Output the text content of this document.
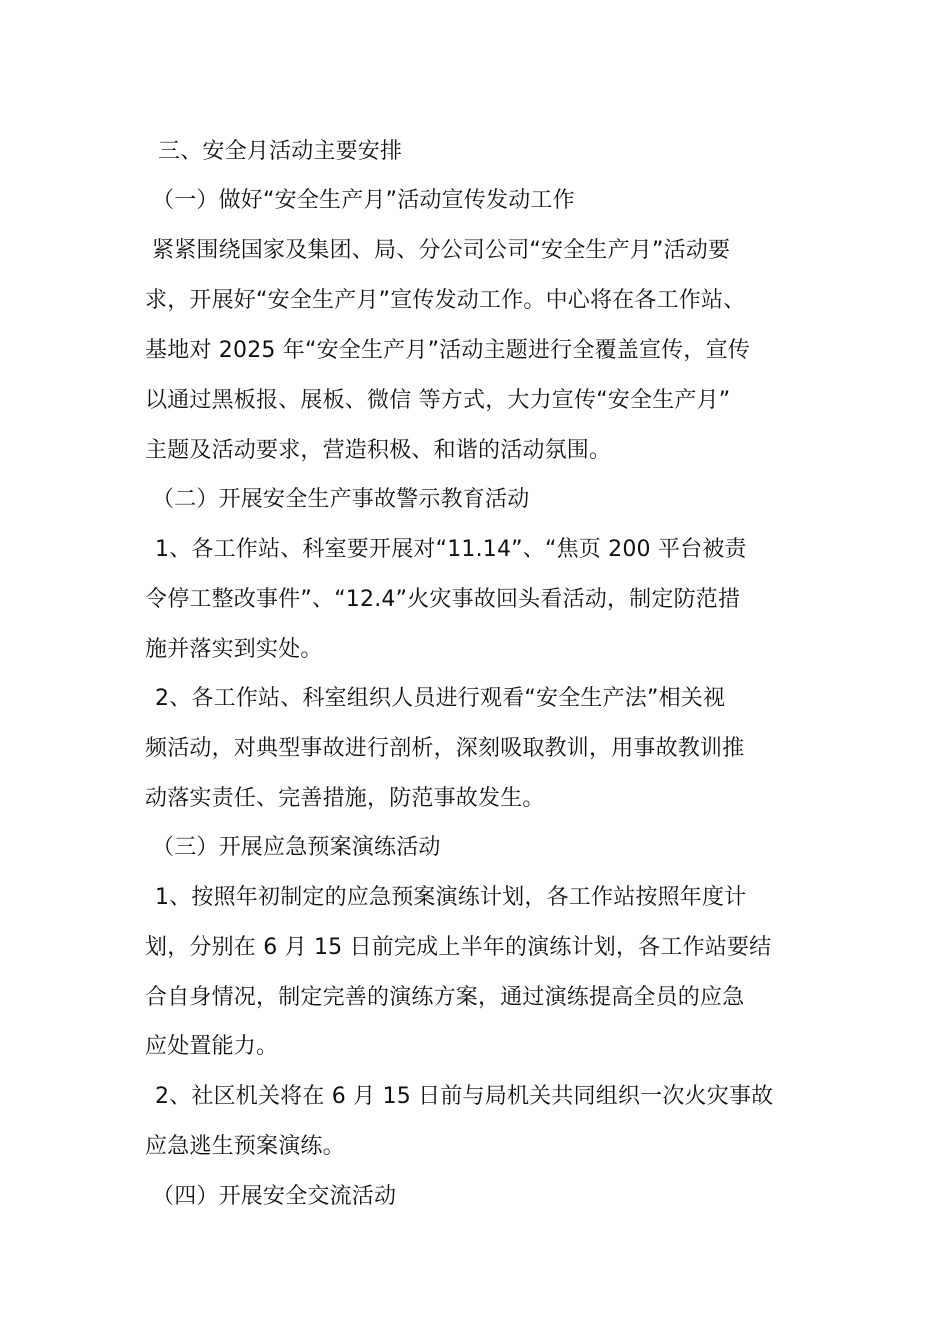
三、安全月活动主要安排
（一）做好“安全生产月”活动宣传发动工作
紧紧围绕国家及集团、局、分公司公司“安全生产月”活动要
求，开展好“安全生产月”宣传发动工作。中心将在各工作站、
基地对 2025 年“安全生产月”活动主题进行全覆盖宣传，宣传
以通过黑板报、展板、微信 等方式，大力宣传“安全生产月”
主题及活动要求，营造积极、和谐的活动氛围。
（二）开展安全生产事故警示教育活动
1、各工作站、科室要开展对“11.14”、“焦页 200 平台被责
令停工整改事件”、“12.4”火灾事故回头看活动，制定防范措
施并落实到实处。
2、各工作站、科室组织人员进行观看“安全生产法”相关视
频活动，对典型事故进行剖析，深刻吸取教训，用事故教训推
动落实责任、完善措施，防范事故发生。
（三）开展应急预案演练活动
1、按照年初制定的应急预案演练计划，各工作站按照年度计
划，分别在 6 月 15 日前完成上半年的演练计划，各工作站要结
合自身情况，制定完善的演练方案，通过演练提高全员的应急
应处置能力。
2、社区机关将在 6 月 15 日前与局机关共同组织一次火灾事故
应急逃生预案演练。
（四）开展安全交流活动
